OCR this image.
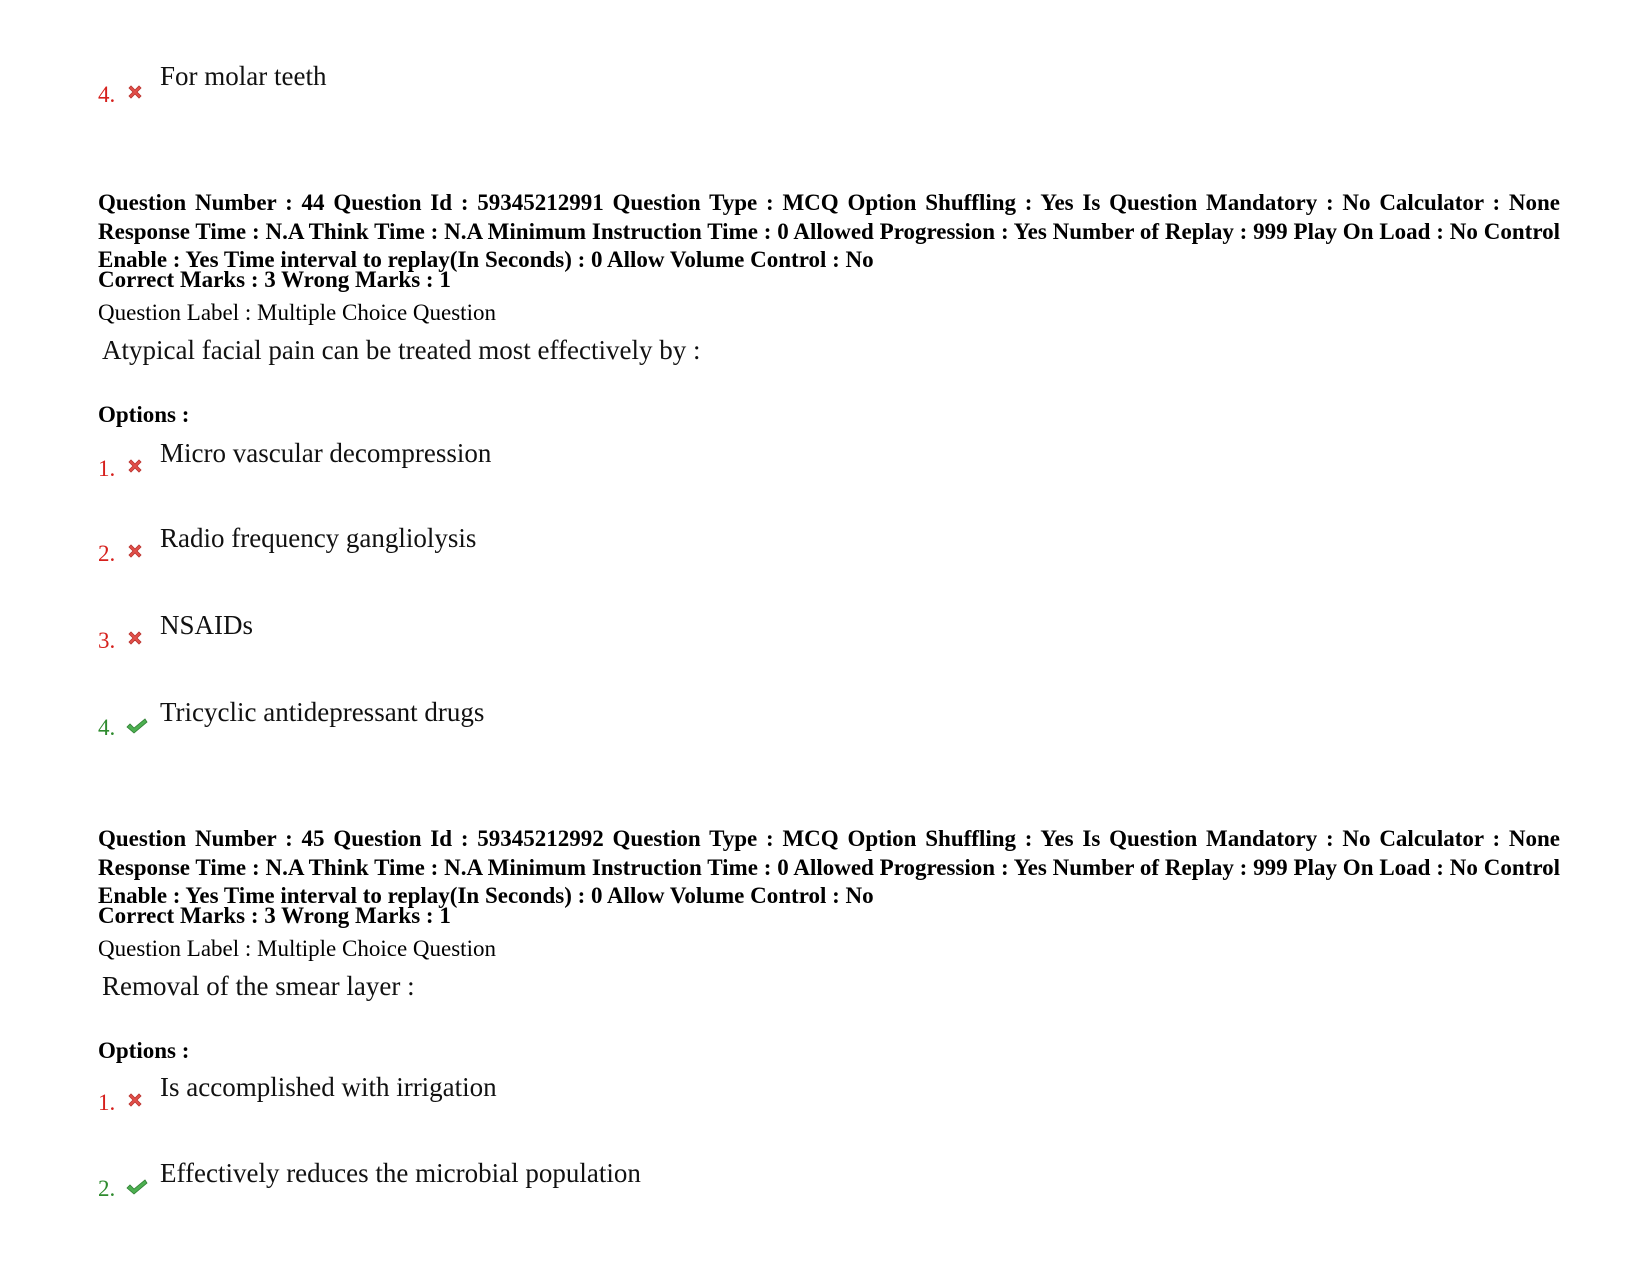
4.
For molar teeth
Question Number : 44 Question Id : 59345212991 Question Type : MCQ Option Shuffling : Yes Is Question Mandatory : No Calculator : None Response Time : N.A Think Time : N.A Minimum Instruction Time : 0 Allowed Progression : Yes Number of Replay : 999 Play On Load : No Control Enable : Yes Time interval to replay(In Seconds) : 0 Allow Volume Control : No
Correct Marks : 3 Wrong Marks : 1
Question Label : Multiple Choice Question
Atypical facial pain can be treated most effectively by :
Options :
1.
Micro vascular decompression
2.
Radio frequency gangliolysis
3.
NSAIDs
4.
Tricyclic antidepressant drugs
Question Number : 45 Question Id : 59345212992 Question Type : MCQ Option Shuffling : Yes Is Question Mandatory : No Calculator : None Response Time : N.A Think Time : N.A Minimum Instruction Time : 0 Allowed Progression : Yes Number of Replay : 999 Play On Load : No Control Enable : Yes Time interval to replay(In Seconds) : 0 Allow Volume Control : No
Correct Marks : 3 Wrong Marks : 1
Question Label : Multiple Choice Question
Removal of the smear layer :
Options :
1.
Is accomplished with irrigation
2.
Effectively reduces the microbial population
